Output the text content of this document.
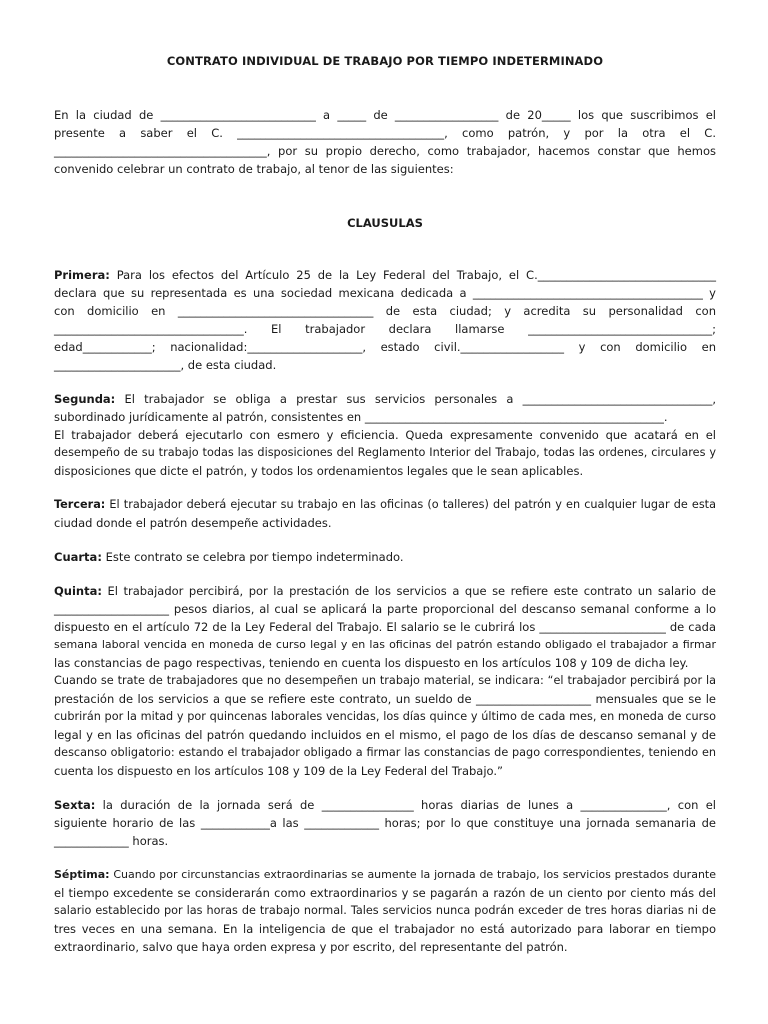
CONTRATO INDIVIDUAL DE TRABAJO POR TIEMPO INDETERMINADO
En la ciudad de ___________________________ a _____ de __________________ de 20_____ los que suscribimos el
presente a saber el C. ____________________________________, como patrón, y por la otra el C.
_____________________________________, por su propio derecho, como trabajador, hacemos constar que hemos
convenido celebrar un contrato de trabajo, al tenor de las siguientes:
CLAUSULAS
Primera: Para los efectos del Artículo 25 de la Ley Federal del Trabajo, el C._______________________________
declara que su representada es una sociedad mexicana dedicada a ________________________________________ y
con domicilio en __________________________________ de esta ciudad; y acredita su personalidad con
_________________________________. El trabajador declara llamarse ________________________________;
edad____________; nacionalidad:____________________, estado civil.__________________ y con domicilio en
______________________, de esta ciudad.
Segunda: El trabajador se obliga a prestar sus servicios personales a _________________________________,
subordinado jurídicamente al patrón, consistentes en ____________________________________________________.
El trabajador deberá ejecutarlo con esmero y eficiencia. Queda expresamente convenido que acatará en el
desempeño de su trabajo todas las disposiciones del Reglamento Interior del Trabajo, todas las ordenes, circulares y
disposiciones que dicte el patrón, y todos los ordenamientos legales que le sean aplicables.
Tercera: El trabajador deberá ejecutar su trabajo en las oficinas (o talleres) del patrón y en cualquier lugar de esta
ciudad donde el patrón desempeñe actividades.
Cuarta: Este contrato se celebra por tiempo indeterminado.
Quinta: El trabajador percibirá, por la prestación de los servicios a que se refiere este contrato un salario de
____________________ pesos diarios, al cual se aplicará la parte proporcional del descanso semanal conforme a lo
dispuesto en el artículo 72 de la Ley Federal del Trabajo. El salario se le cubrirá los ______________________ de cada
semana laboral vencida en moneda de curso legal y en las oficinas del patrón estando obligado el trabajador a firmar
las constancias de pago respectivas, teniendo en cuenta los dispuesto en los artículos 108 y 109 de dicha ley.
Cuando se trate de trabajadores que no desempeñen un trabajo material, se indicara: “el trabajador percibirá por la
prestación de los servicios a que se refiere este contrato, un sueldo de ____________________ mensuales que se le
cubrirán por la mitad y por quincenas laborales vencidas, los días quince y último de cada mes, en moneda de curso
legal y en las oficinas del patrón quedando incluidos en el mismo, el pago de los días de descanso semanal y de
descanso obligatorio: estando el trabajador obligado a firmar las constancias de pago correspondientes, teniendo en
cuenta los dispuesto en los artículos 108 y 109 de la Ley Federal del Trabajo.”
Sexta: la duración de la jornada será de ________________ horas diarias de lunes a _______________, con el
siguiente horario de las ____________a las _____________ horas; por lo que constituye una jornada semanaria de
_____________ horas.
Séptima: Cuando por circunstancias extraordinarias se aumente la jornada de trabajo, los servicios prestados durante
el tiempo excedente se considerarán como extraordinarios y se pagarán a razón de un ciento por ciento más del
salario establecido por las horas de trabajo normal. Tales servicios nunca podrán exceder de tres horas diarias ni de
tres veces en una semana. En la inteligencia de que el trabajador no está autorizado para laborar en tiempo
extraordinario, salvo que haya orden expresa y por escrito, del representante del patrón.
